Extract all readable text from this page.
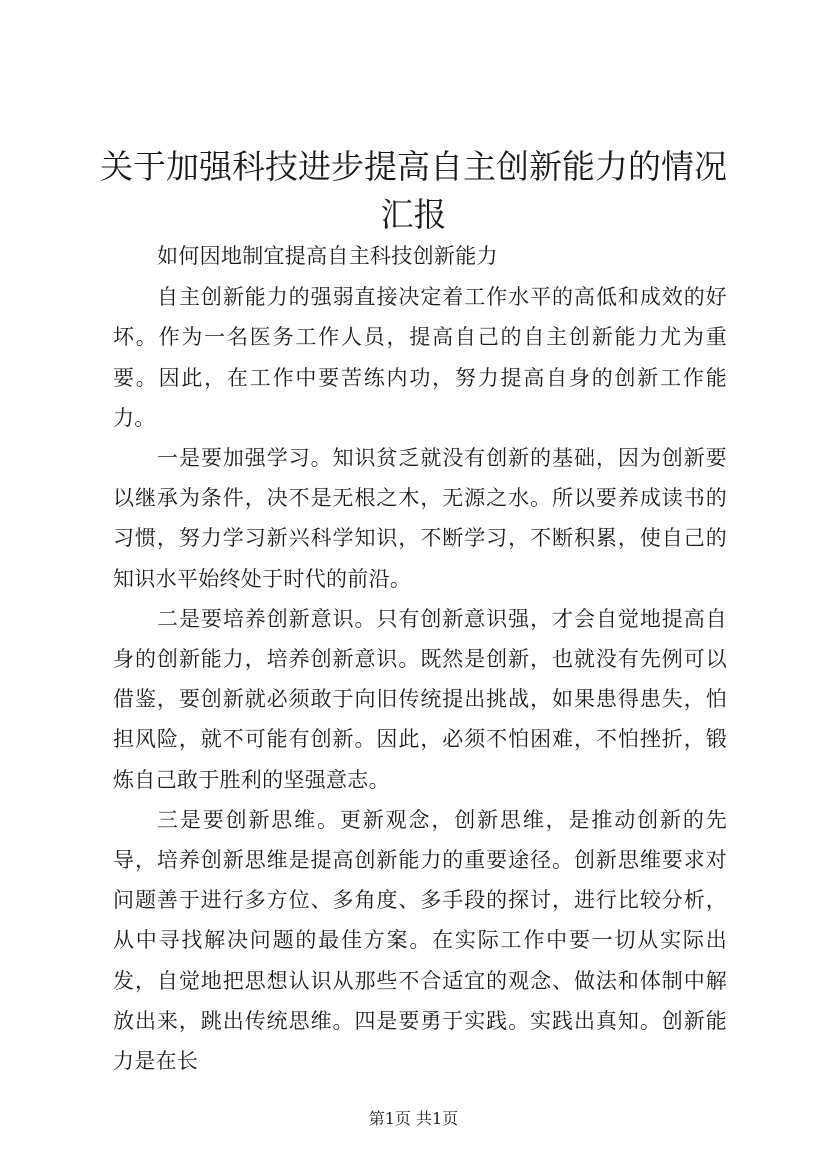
关于加强科技进步提高自主创新能力的情况汇报

如何因地制宜提高自主科技创新能力

自主创新能力的强弱直接决定着工作水平的高低和成效的好坏。作为一名医务工作人员，提高自己的自主创新能力尤为重要。因此，在工作中要苦练内功，努力提高自身的创新工作能力。

一是要加强学习。知识贫乏就没有创新的基础，因为创新要以继承为条件，决不是无根之木，无源之水。所以要养成读书的习惯，努力学习新兴科学知识，不断学习，不断积累，使自己的知识水平始终处于时代的前沿。

二是要培养创新意识。只有创新意识强，才会自觉地提高自身的创新能力，培养创新意识。既然是创新，也就没有先例可以借鉴，要创新就必须敢于向旧传统提出挑战，如果患得患失，怕担风险，就不可能有创新。因此，必须不怕困难，不怕挫折，锻炼自己敢于胜利的坚强意志。

三是要创新思维。更新观念，创新思维，是推动创新的先导，培养创新思维是提高创新能力的重要途径。创新思维要求对问题善于进行多方位、多角度、多手段的探讨，进行比较分析，从中寻找解决问题的最佳方案。在实际工作中要一切从实际出发，自觉地把思想认识从那些不合适宜的观念、做法和体制中解放出来，跳出传统思维。四是要勇于实践。实践出真知。创新能力是在长

第1页 共1页
